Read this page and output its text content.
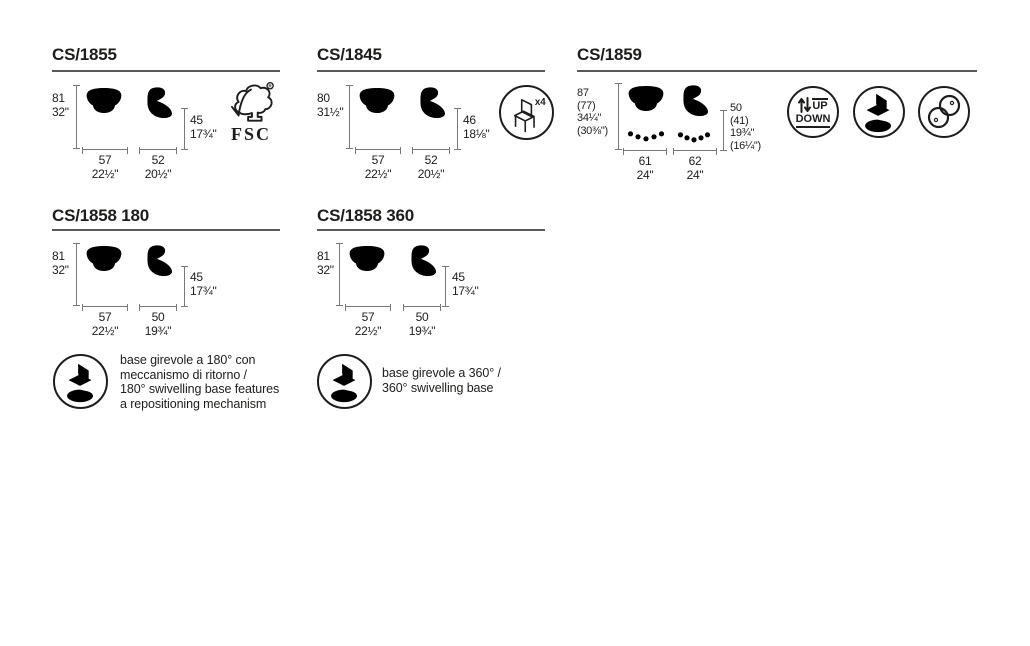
CS/1855
81
32"
45
17¾"
57
22½"
52
20½"
R
FSC
CS/1845
80
31½"
46
18⅛"
57
22½"
52
20½"
x4
CS/1859
87
(77)
34¼"
(30⅜")
50
(41)
19¾"
(16¼")
61
24"
62
24"
UP
DOWN
CS/1858 180
81
32"
45
17¾"
57
22½"
50
19¾"
base girevole a 180° con
meccanismo di ritorno /
180° swivelling base features
a repositioning mechanism
CS/1858 360
81
32"
45
17¾"
57
22½"
50
19¾"
base girevole a 360° /
360° swivelling base
